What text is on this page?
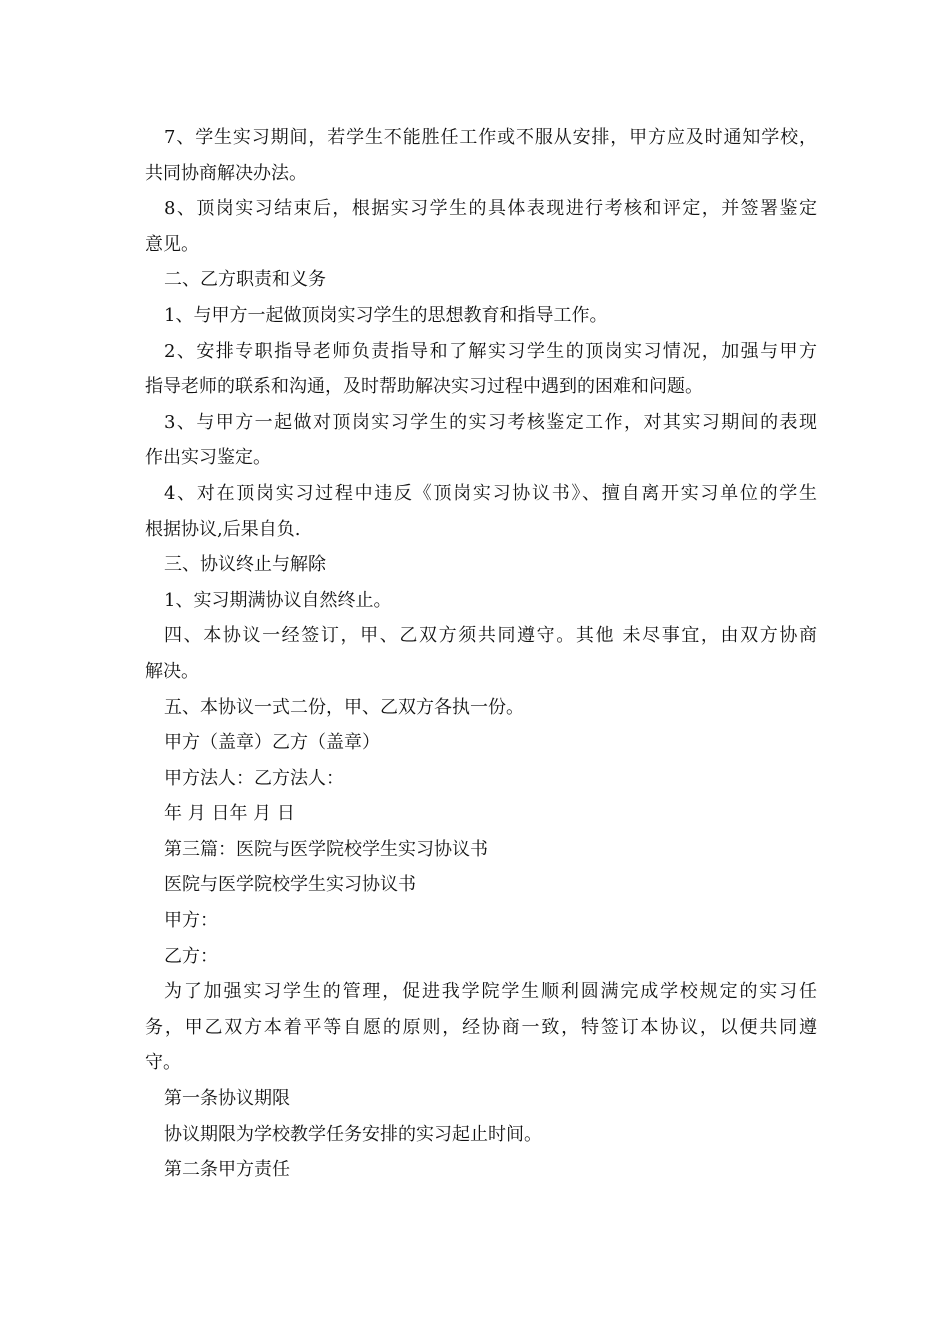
7、学生实习期间，若学生不能胜任工作或不服从安排，甲方应及时通知学校，

共同协商解决办法。

8、顶岗实习结束后，根据实习学生的具体表现进行考核和评定，并签署鉴定

意见。

二、乙方职责和义务

1、与甲方一起做顶岗实习学生的思想教育和指导工作。

2、安排专职指导老师负责指导和了解实习学生的顶岗实习情况，加强与甲方

指导老师的联系和沟通，及时帮助解决实习过程中遇到的困难和问题。

3、与甲方一起做对顶岗实习学生的实习考核鉴定工作，对其实习期间的表现

作出实习鉴定。

4、对在顶岗实习过程中违反《顶岗实习协议书》、擅自离开实习单位的学生

根据协议,后果自负.

三、协议终止与解除

1、实习期满协议自然终止。

四、本协议一经签订，甲、乙双方须共同遵守。其他 未尽事宜，由双方协商

解决。

五、本协议一式二份，甲、乙双方各执一份。

甲方（盖章）乙方（盖章）

甲方法人：乙方法人：

年 月 日年 月 日

第三篇：医院与医学院校学生实习协议书

医院与医学院校学生实习协议书

甲方：

乙方：

为了加强实习学生的管理，促进我学院学生顺利圆满完成学校规定的实习任

务，甲乙双方本着平等自愿的原则，经协商一致，特签订本协议，以便共同遵

守。

第一条协议期限

协议期限为学校教学任务安排的实习起止时间。

第二条甲方责任
